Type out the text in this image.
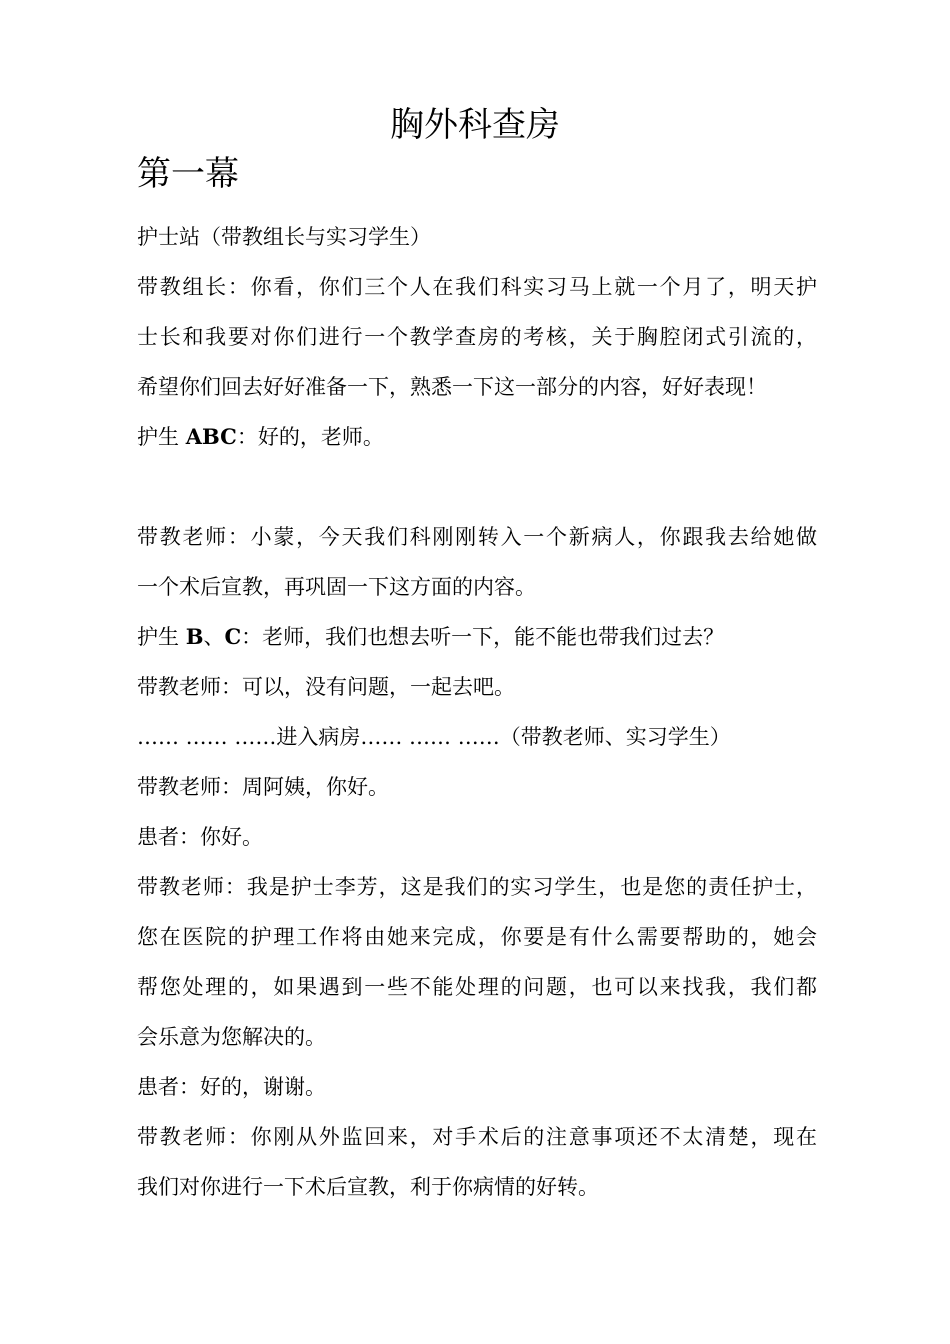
胸外科查房
第一幕
护士站（带教组长与实习学生）
带教组长：你看，你们三个人在我们科实习马上就一个月了，明天护
士长和我要对你们进行一个教学查房的考核，关于胸腔闭式引流的，
希望你们回去好好准备一下，熟悉一下这一部分的内容，好好表现！
护生 ABC：好的，老师。
带教老师：小蒙，今天我们科刚刚转入一个新病人，你跟我去给她做
一个术后宣教，再巩固一下这方面的内容。
护生 B、C：老师，我们也想去听一下，能不能也带我们过去？
带教老师：可以，没有问题，一起去吧。
…… …… ……进入病房…… …… ……（带教老师、实习学生）
带教老师：周阿姨，你好。
患者：你好。
带教老师：我是护士李芳，这是我们的实习学生，也是您的责任护士，
您在医院的护理工作将由她来完成，你要是有什么需要帮助的，她会
帮您处理的，如果遇到一些不能处理的问题，也可以来找我，我们都
会乐意为您解决的。
患者：好的，谢谢。
带教老师：你刚从外监回来，对手术后的注意事项还不太清楚，现在
我们对你进行一下术后宣教，利于你病情的好转。
